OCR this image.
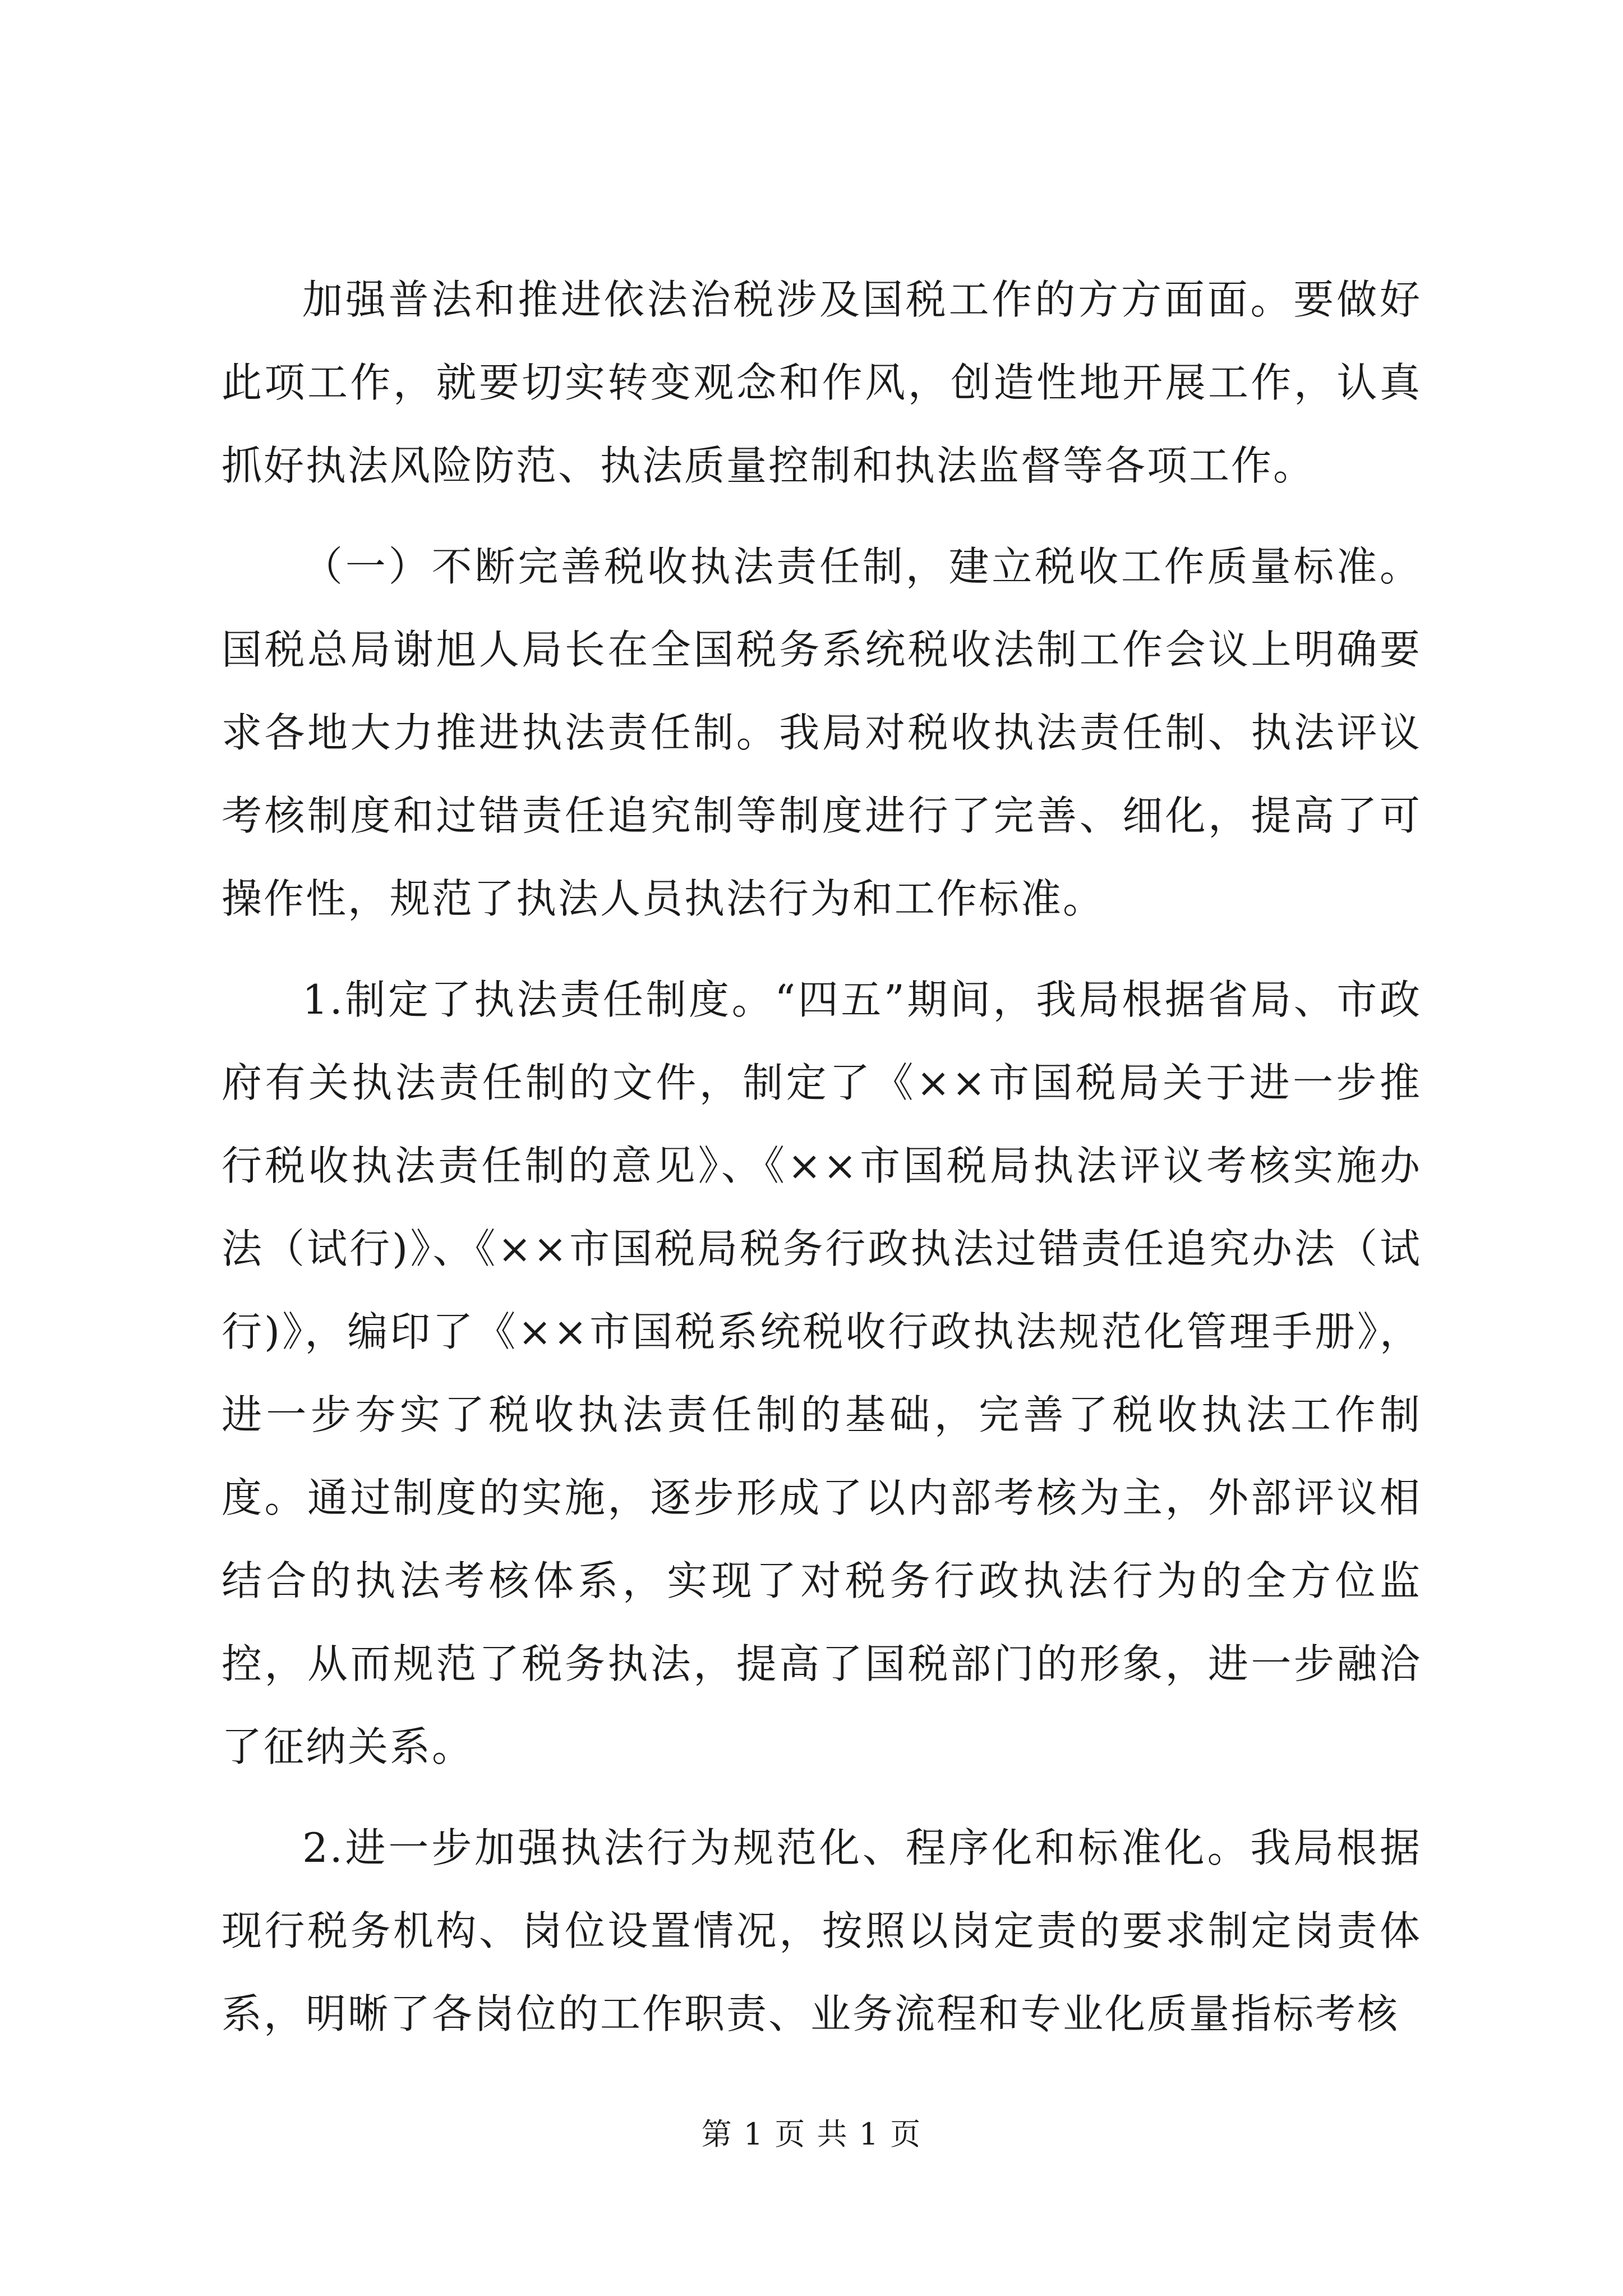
加强普法和推进依法治税涉及国税工作的方方面面。要做好此项工作，就要切实转变观念和作风，创造性地开展工作，认真抓好执法风险防范、执法质量控制和执法监督等各项工作。

（一）不断完善税收执法责任制，建立税收工作质量标准。国税总局谢旭人局长在全国税务系统税收法制工作会议上明确要求各地大力推进执法责任制。我局对税收执法责任制、执法评议考核制度和过错责任追究制等制度进行了完善、细化，提高了可操作性，规范了执法人员执法行为和工作标准。

1.制定了执法责任制度。“四五”期间，我局根据省局、市政府有关执法责任制的文件，制定了《××市国税局关于进一步推行税收执法责任制的意见》、《××市国税局执法评议考核实施办法（试行)》、《××市国税局税务行政执法过错责任追究办法（试行)》，编印了《××市国税系统税收行政执法规范化管理手册》，进一步夯实了税收执法责任制的基础，完善了税收执法工作制度。通过制度的实施，逐步形成了以内部考核为主，外部评议相结合的执法考核体系，实现了对税务行政执法行为的全方位监控，从而规范了税务执法，提高了国税部门的形象，进一步融洽了征纳关系。

2.进一步加强执法行为规范化、程序化和标准化。我局根据现行税务机构、岗位设置情况，按照以岗定责的要求制定岗责体系，明晰了各岗位的工作职责、业务流程和专业化质量指标考核

第 1 页 共 1 页
